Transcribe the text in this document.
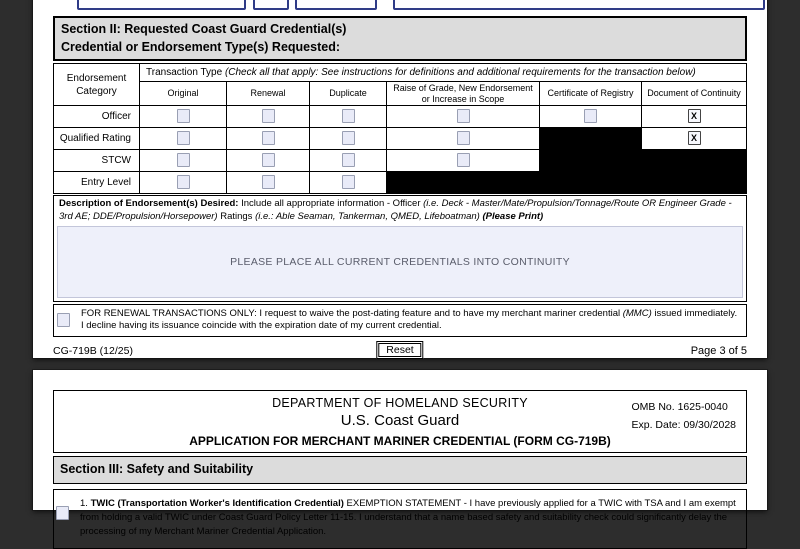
Section II: Requested Coast Guard Credential(s)
Credential or Endorsement Type(s) Requested:
Endorsement Category	Transaction Type (Check all that apply: See instructions for definitions and additional requirements for the transaction below)					
	Original	Renewal	Duplicate	Raise of Grade, New Endorsement or Increase in Scope	Certificate of Registry	Document of Continuity
Officer						X
Qualified Rating						X
STCW						
Entry Level						
Description of Endorsement(s) Desired: Include all appropriate information - Officer (i.e. Deck - Master/Mate/Propulsion/Tonnage/Route OR Engineer Grade - 3rd AE; DDE/Propulsion/Horsepower) Ratings (i.e.: Able Seaman, Tankerman, QMED, Lifeboatman) (Please Print)
PLEASE PLACE ALL CURRENT CREDENTIALS INTO CONTINUITY
FOR RENEWAL TRANSACTIONS ONLY: I request to waive the post-dating feature and to have my merchant mariner credential (MMC) issued immediately. I decline having its issuance coincide with the expiration date of my current credential.
CG-719B (12/25)	Reset	Page 3 of 5
DEPARTMENT OF HOMELAND SECURITY
U.S. Coast Guard
OMB No. 1625-0040
Exp. Date: 09/30/2028
APPLICATION FOR MERCHANT MARINER CREDENTIAL (FORM CG-719B)
Section III: Safety and Suitability
1. TWIC (Transportation Worker's Identification Credential) EXEMPTION STATEMENT - I have previously applied for a TWIC with TSA and I am exempt from holding a valid TWIC under Coast Guard Policy Letter 11-15. I understand that a name based safety and suitability check could significantly delay the processing of my Merchant Mariner Credential Application.
